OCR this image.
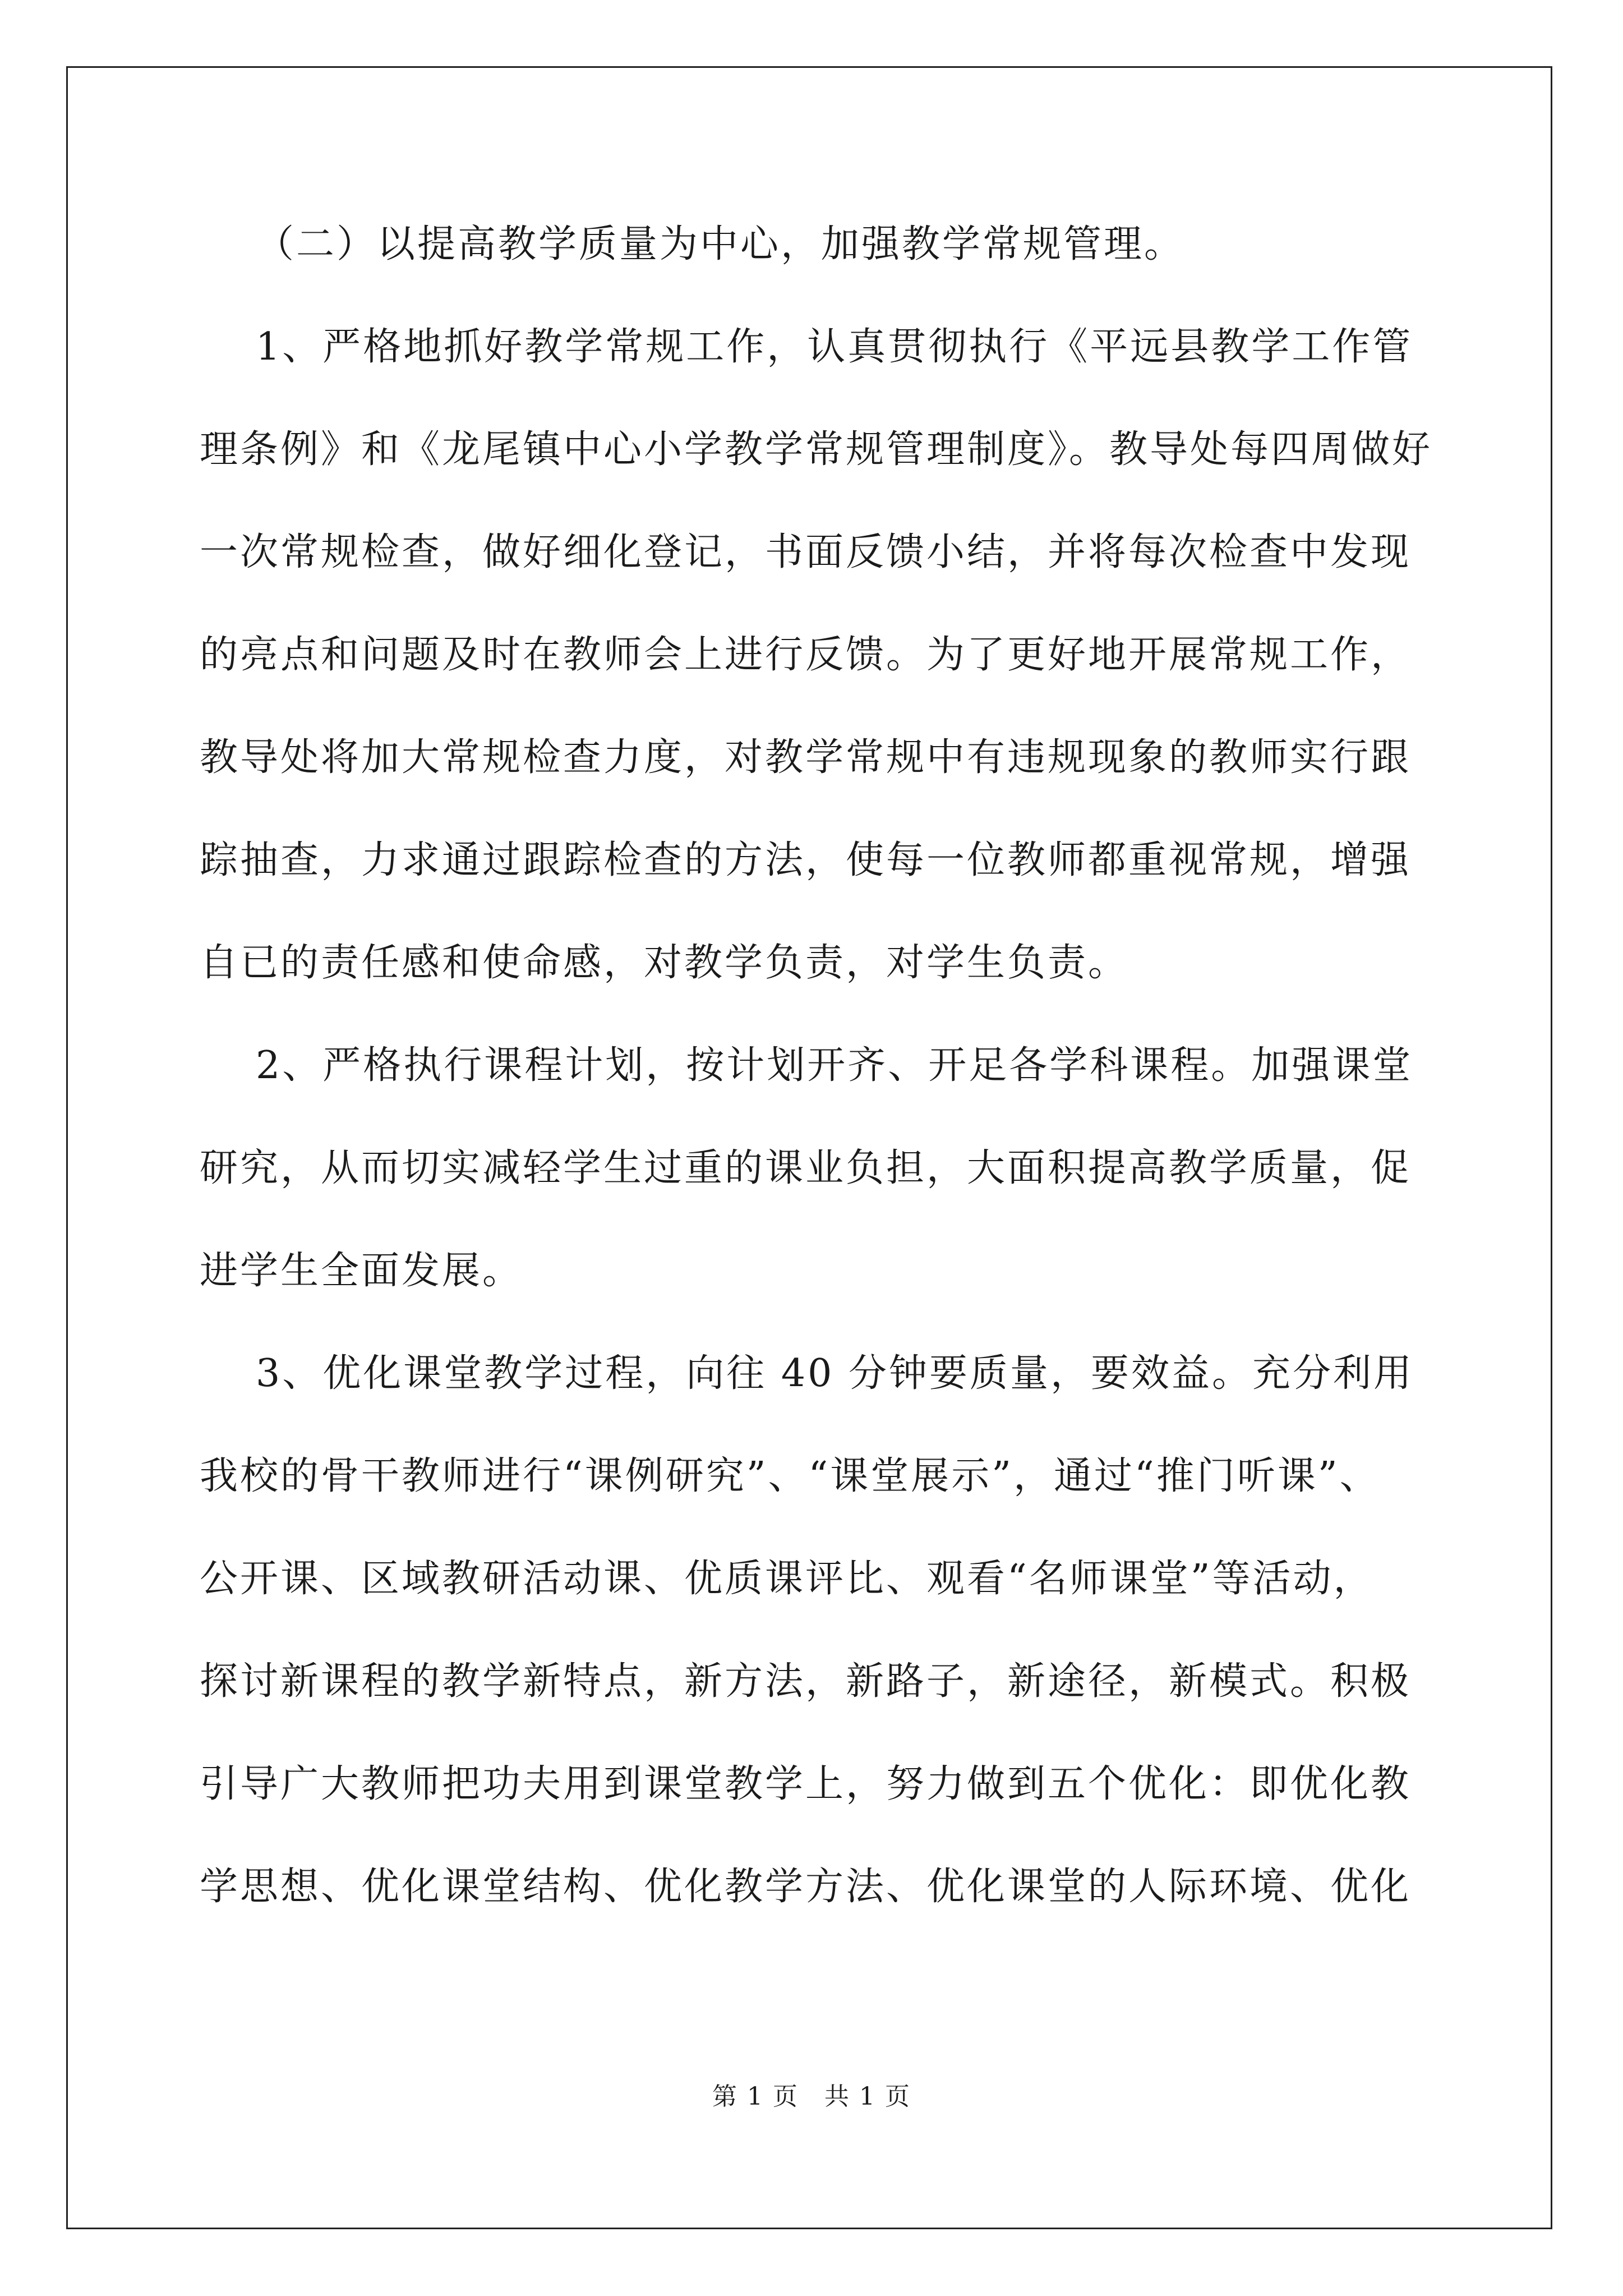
（二）以提高教学质量为中心，加强教学常规管理。
1、严格地抓好教学常规工作，认真贯彻执行《平远县教学工作管
理条例》和《龙尾镇中心小学教学常规管理制度》。教导处每四周做好
一次常规检查，做好细化登记，书面反馈小结，并将每次检查中发现
的亮点和问题及时在教师会上进行反馈。为了更好地开展常规工作，
教导处将加大常规检查力度，对教学常规中有违规现象的教师实行跟
踪抽查，力求通过跟踪检查的方法，使每一位教师都重视常规，增强
自已的责任感和使命感，对教学负责，对学生负责。
2、严格执行课程计划，按计划开齐、开足各学科课程。加强课堂
研究，从而切实减轻学生过重的课业负担，大面积提高教学质量，促
进学生全面发展。
3、优化课堂教学过程，向往 40 分钟要质量，要效益。充分利用
我校的骨干教师进行“课例研究”、“课堂展示”，通过“推门听课”、
公开课、区域教研活动课、优质课评比、观看“名师课堂”等活动，
探讨新课程的教学新特点，新方法，新路子，新途径，新模式。积极
引导广大教师把功夫用到课堂教学上，努力做到五个优化：即优化教
学思想、优化课堂结构、优化教学方法、优化课堂的人际环境、优化
第 1 页　共 1 页
